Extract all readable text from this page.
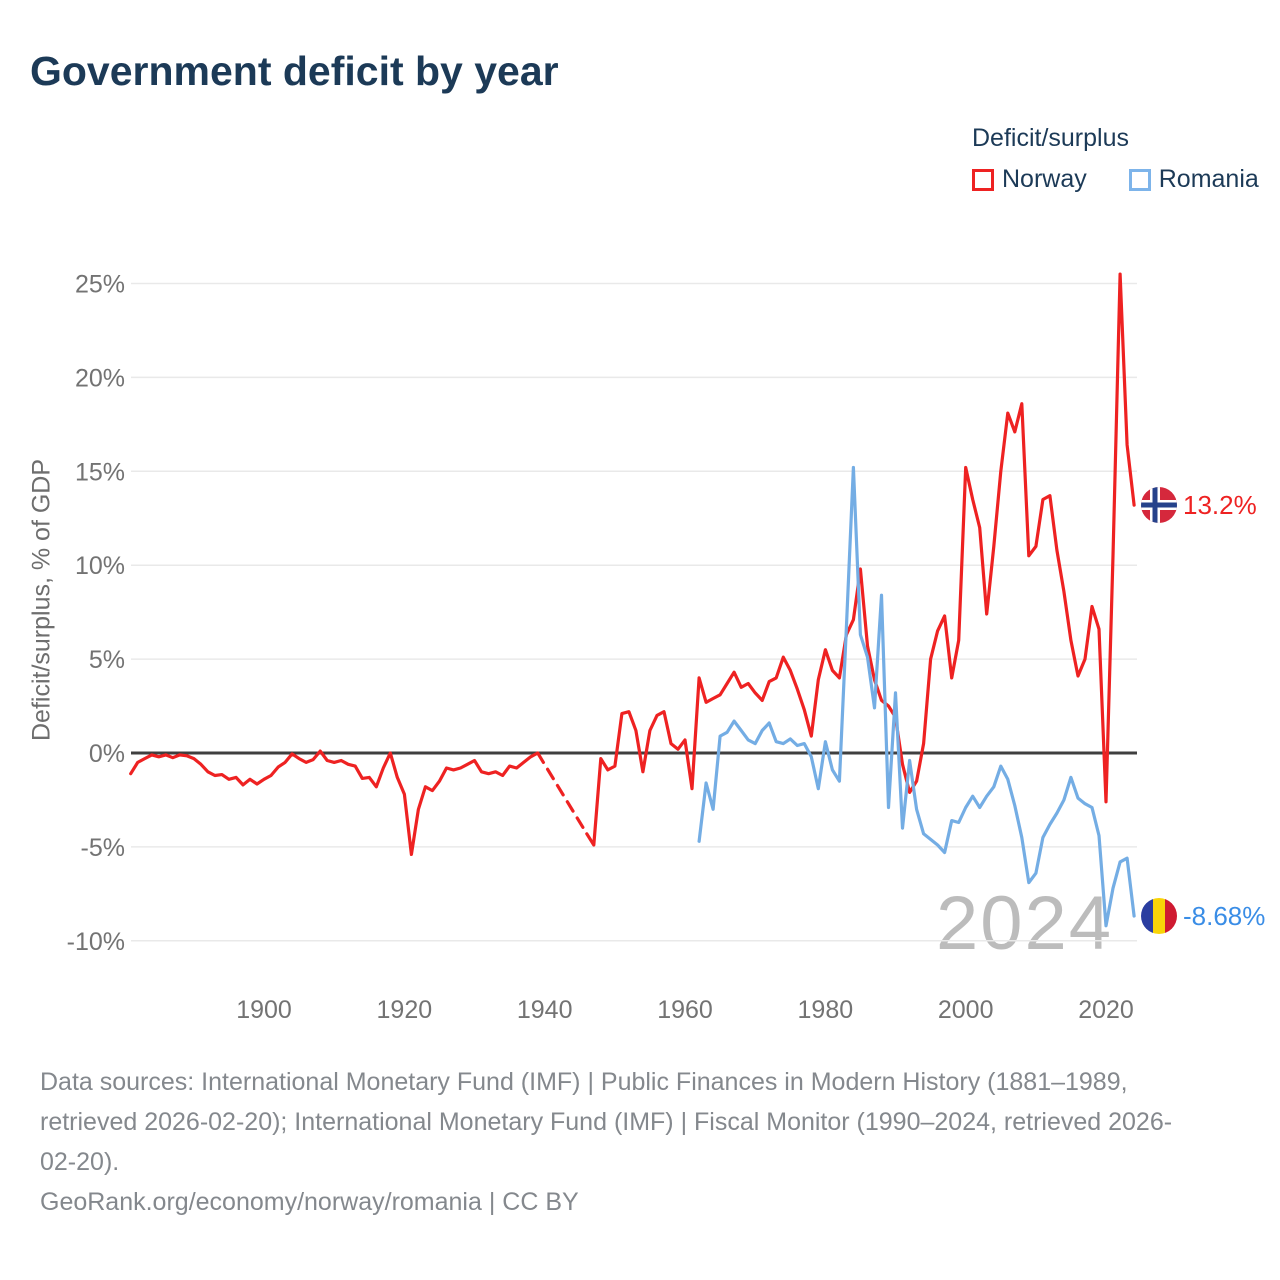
Government deficit by year
Deficit/surplus
Norway	Romania
2024
25%
20%
15%
10%
5%
0%
-5%
-10%
1900	1920	1940	1960	1980	2000	2020
Deficit/surplus, % of GDP	13.2%
-8.68%
Data sources: International Monetary Fund (IMF) | Public Finances in Modern History (1881–1989,
retrieved 2026-02-20); International Monetary Fund (IMF) | Fiscal Monitor (1990–2024, retrieved 2026-
02-20).
GeoRank.org/economy/norway/romania | CC BY
